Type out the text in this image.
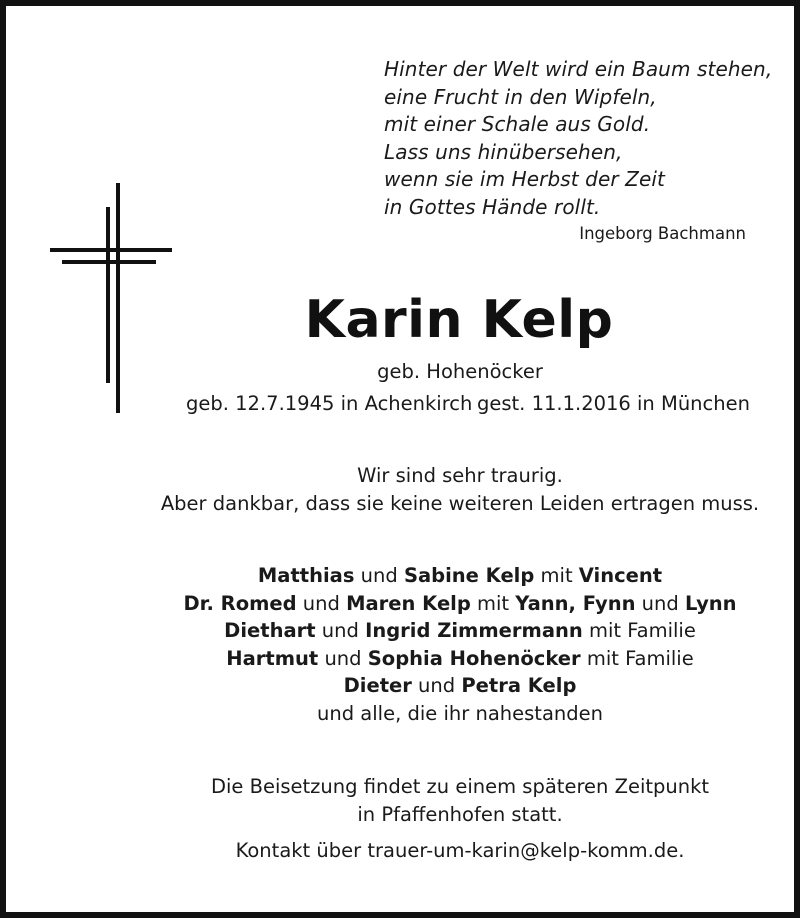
Hinter der Welt wird ein Baum stehen,
eine Frucht in den Wipfeln,
mit einer Schale aus Gold.
Lass uns hinübersehen,
wenn sie im Herbst der Zeit
in Gottes Hände rollt.
Ingeborg Bachmann
Karin Kelp
geb. Hohenöcker
geb. 12.7.1945 in Achenkirch gest. 11.1.2016 in München
Wir sind sehr traurig.
Aber dankbar, dass sie keine weiteren Leiden ertragen muss.
Matthias und Sabine Kelp mit Vincent
Dr. Romed und Maren Kelp mit Yann, Fynn und Lynn
Diethart und Ingrid Zimmermann mit Familie
Hartmut und Sophia Hohenöcker mit Familie
Dieter und Petra Kelp
und alle, die ihr nahestanden
Die Beisetzung findet zu einem späteren Zeitpunkt
in Pfaffenhofen statt.
Kontakt über trauer-um-karin@kelp-komm.de.
